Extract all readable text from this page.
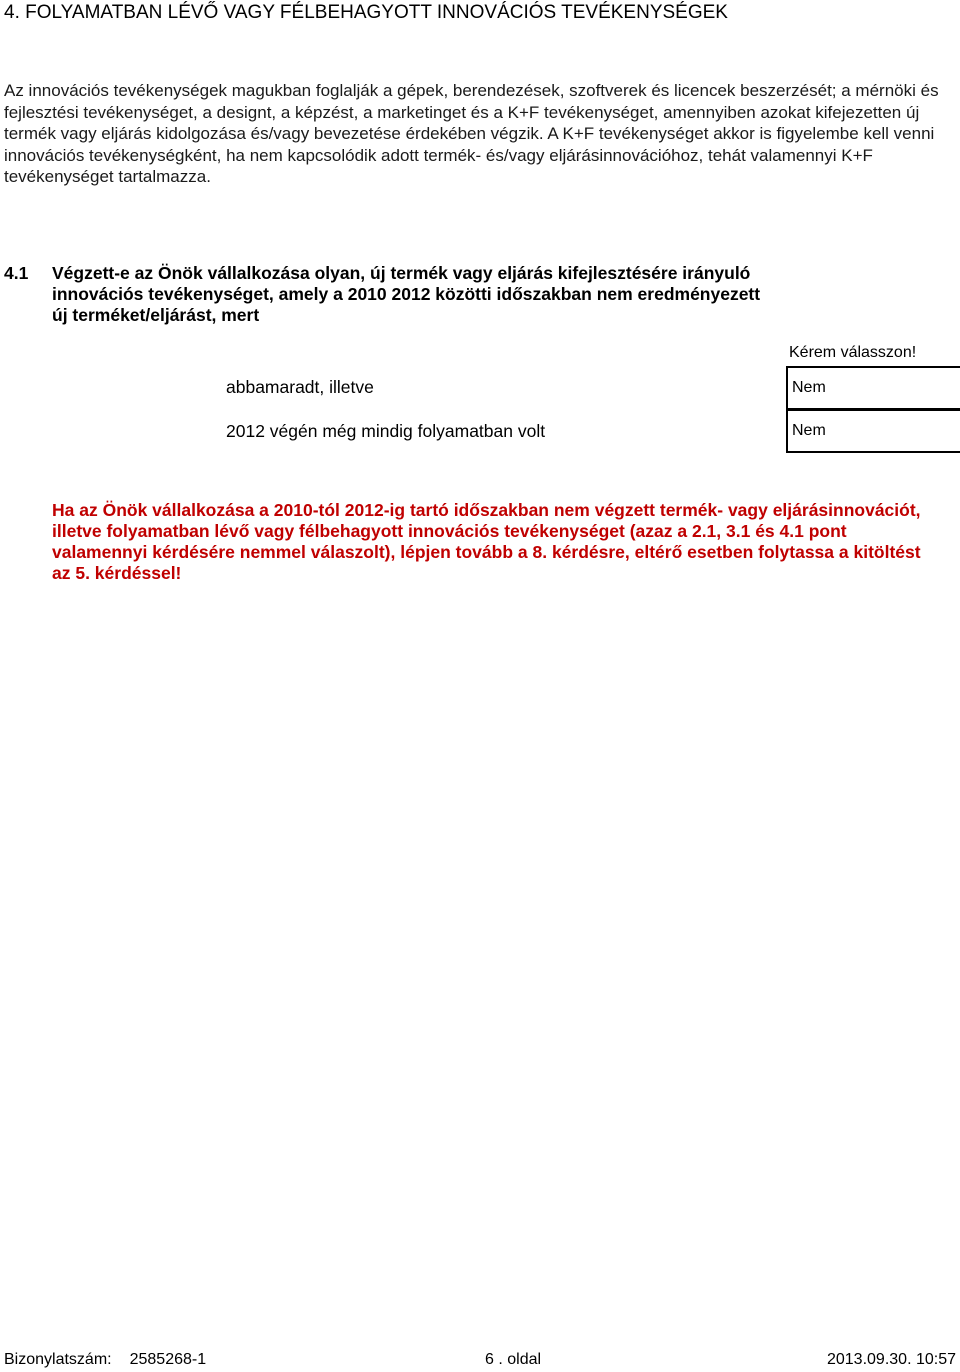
4. FOLYAMATBAN LÉVŐ VAGY FÉLBEHAGYOTT INNOVÁCIÓS TEVÉKENYSÉGEK
Az innovációs tevékenységek magukban foglalják a gépek, berendezések, szoftverek és licencek beszerzését; a mérnöki és fejlesztési tevékenységet, a designt, a képzést, a marketinget és a K+F tevékenységet, amennyiben azokat kifejezetten új termék vagy eljárás kidolgozása és/vagy bevezetése érdekében végzik. A K+F tevékenységet akkor is figyelembe kell venni innovációs tevékenységként, ha nem kapcsolódik adott termék- és/vagy eljárásinnovációhoz, tehát valamennyi K+F tevékenységet tartalmazza.
4.1 Végzett-e az Önök vállalkozása olyan, új termék vagy eljárás kifejlesztésére irányuló innovációs tevékenységet, amely a 2010 2012 közötti időszakban nem eredményezett új terméket/eljárást, mert
Kérem válasszon!
abbamaradt, illetve	Nem
2012 végén még mindig folyamatban volt	Nem
Ha az Önök vállalkozása a 2010-tól 2012-ig tartó időszakban nem végzett termék- vagy eljárásinnovációt, illetve folyamatban lévő vagy félbehagyott innovációs tevékenységet (azaz a 2.1, 3.1 és 4.1 pont valamennyi kérdésére nemmel válaszolt), lépjen tovább a 8. kérdésre, eltérő esetben folytassa a kitöltést az 5. kérdéssel!
Bizonylatszám: 2585268-1	6 . oldal	2013.09.30. 10:57
